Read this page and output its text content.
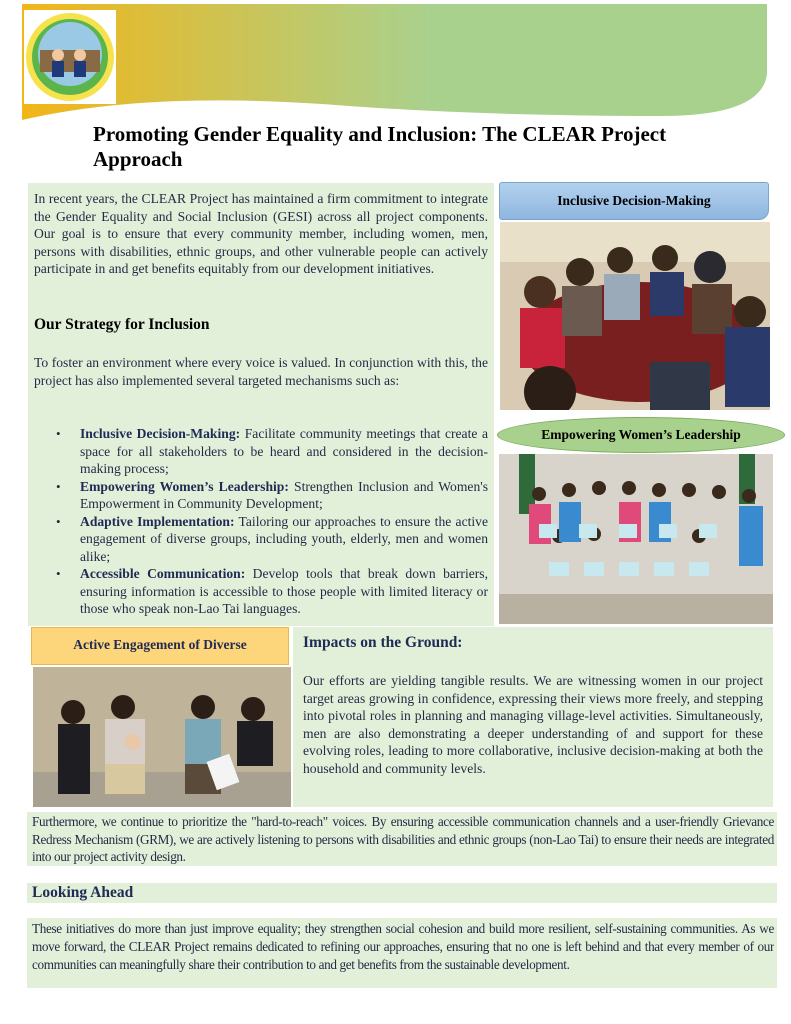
Promoting Gender Equality and Inclusion: The CLEAR Project Approach
In recent years, the CLEAR Project has maintained a firm commitment to integrate the Gender Equality and Social Inclusion (GESI) across all project components. Our goal is to ensure that every community member, including women, men, persons with disabilities, ethnic groups, and other vulnerable people can actively participate in and get benefits equitably from our development initiatives.
Our Strategy for Inclusion
To foster an environment where every voice is valued. In conjunction with this, the project has also implemented several targeted mechanisms such as:
• Inclusive Decision-Making: Facilitate community meetings that create a space for all stakeholders to be heard and considered in the decision-making process;
• Empowering Women’s Leadership: Strengthen Inclusion and Women's Empowerment in Community Development;
• Adaptive Implementation: Tailoring our approaches to ensure the active engagement of diverse groups, including youth, elderly, men and women alike;
• Accessible Communication: Develop tools that break down barriers, ensuring information is accessible to those people with limited literacy or those who speak non-Lao Tai languages.
Inclusive Decision-Making
Empowering Women’s Leadership
Active Engagement of Diverse	Impacts on the Ground:
Our efforts are yielding tangible results. We are witnessing women in our project target areas growing in confidence, expressing their views more freely, and stepping into pivotal roles in planning and managing village-level activities. Simultaneously, men are also demonstrating a deeper understanding of and support for these evolving roles, leading to more collaborative, inclusive decision-making at both the household and community levels.
Furthermore, we continue to prioritize the "hard-to-reach" voices. By ensuring accessible communication channels and a user-friendly Grievance Redress Mechanism (GRM), we are actively listening to persons with disabilities and ethnic groups (non-Lao Tai) to ensure their needs are integrated into our project activity design.
Looking Ahead
These initiatives do more than just improve equality; they strengthen social cohesion and build more resilient, self-sustaining communities. As we move forward, the CLEAR Project remains dedicated to refining our approaches, ensuring that no one is left behind and that every member of our communities can meaningfully share their contribution to and get benefits from the sustainable development.
